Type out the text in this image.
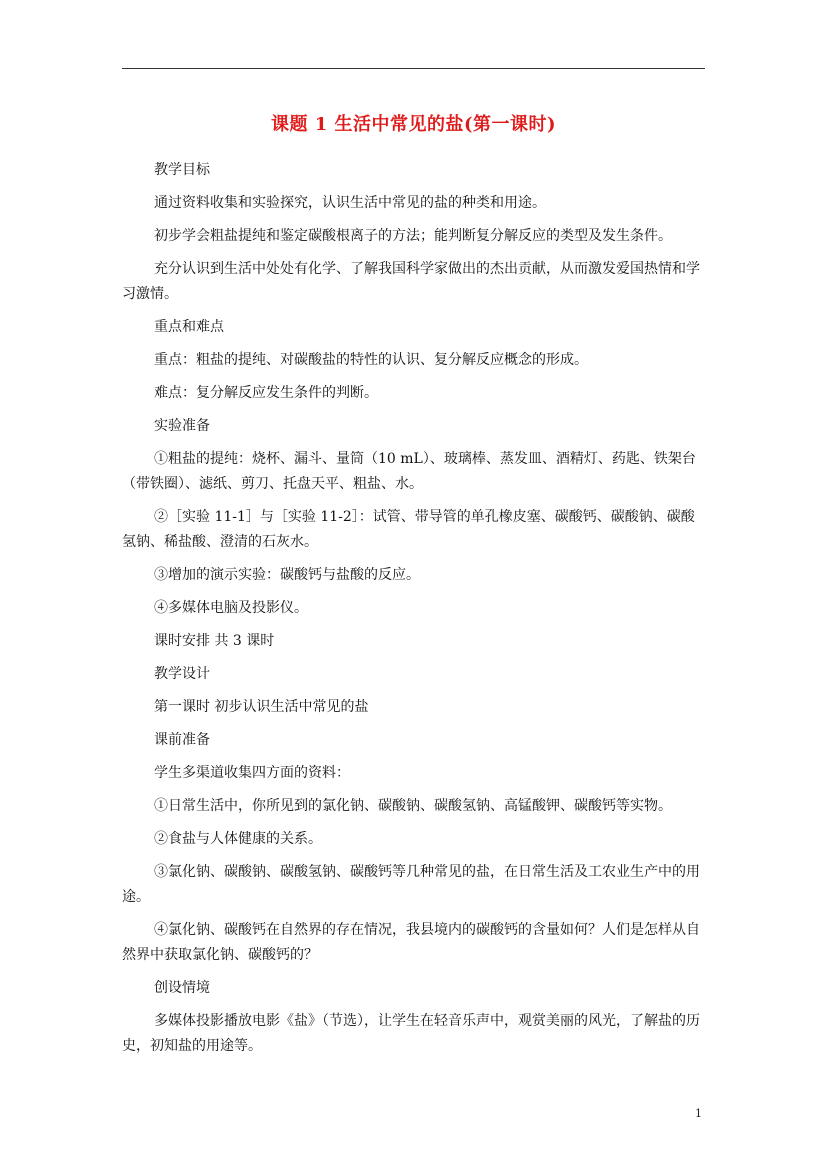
课题 1 生活中常见的盐(第一课时)

教学目标

通过资料收集和实验探究，认识生活中常见的盐的种类和用途。

初步学会粗盐提纯和鉴定碳酸根离子的方法；能判断复分解反应的类型及发生条件。

充分认识到生活中处处有化学、了解我国科学家做出的杰出贡献，从而激发爱国热情和学习激情。

重点和难点

重点：粗盐的提纯、对碳酸盐的特性的认识、复分解反应概念的形成。

难点：复分解反应发生条件的判断。

实验准备

①粗盐的提纯：烧杯、漏斗、量筒（10 mL）、玻璃棒、蒸发皿、酒精灯、药匙、铁架台（带铁圈）、滤纸、剪刀、托盘天平、粗盐、水。

②［实验 11-1］与［实验 11-2］：试管、带导管的单孔橡皮塞、碳酸钙、碳酸钠、碳酸氢钠、稀盐酸、澄清的石灰水。

③增加的演示实验：碳酸钙与盐酸的反应。

④多媒体电脑及投影仪。

课时安排 共 3 课时

教学设计

第一课时 初步认识生活中常见的盐

课前准备

学生多渠道收集四方面的资料：

①日常生活中，你所见到的氯化钠、碳酸钠、碳酸氢钠、高锰酸钾、碳酸钙等实物。

②食盐与人体健康的关系。

③氯化钠、碳酸钠、碳酸氢钠、碳酸钙等几种常见的盐，在日常生活及工农业生产中的用途。

④氯化钠、碳酸钙在自然界的存在情况，我县境内的碳酸钙的含量如何？人们是怎样从自然界中获取氯化钠、碳酸钙的？

创设情境

多媒体投影播放电影《盐》（节选），让学生在轻音乐声中，观赏美丽的风光，了解盐的历史，初知盐的用途等。

1
